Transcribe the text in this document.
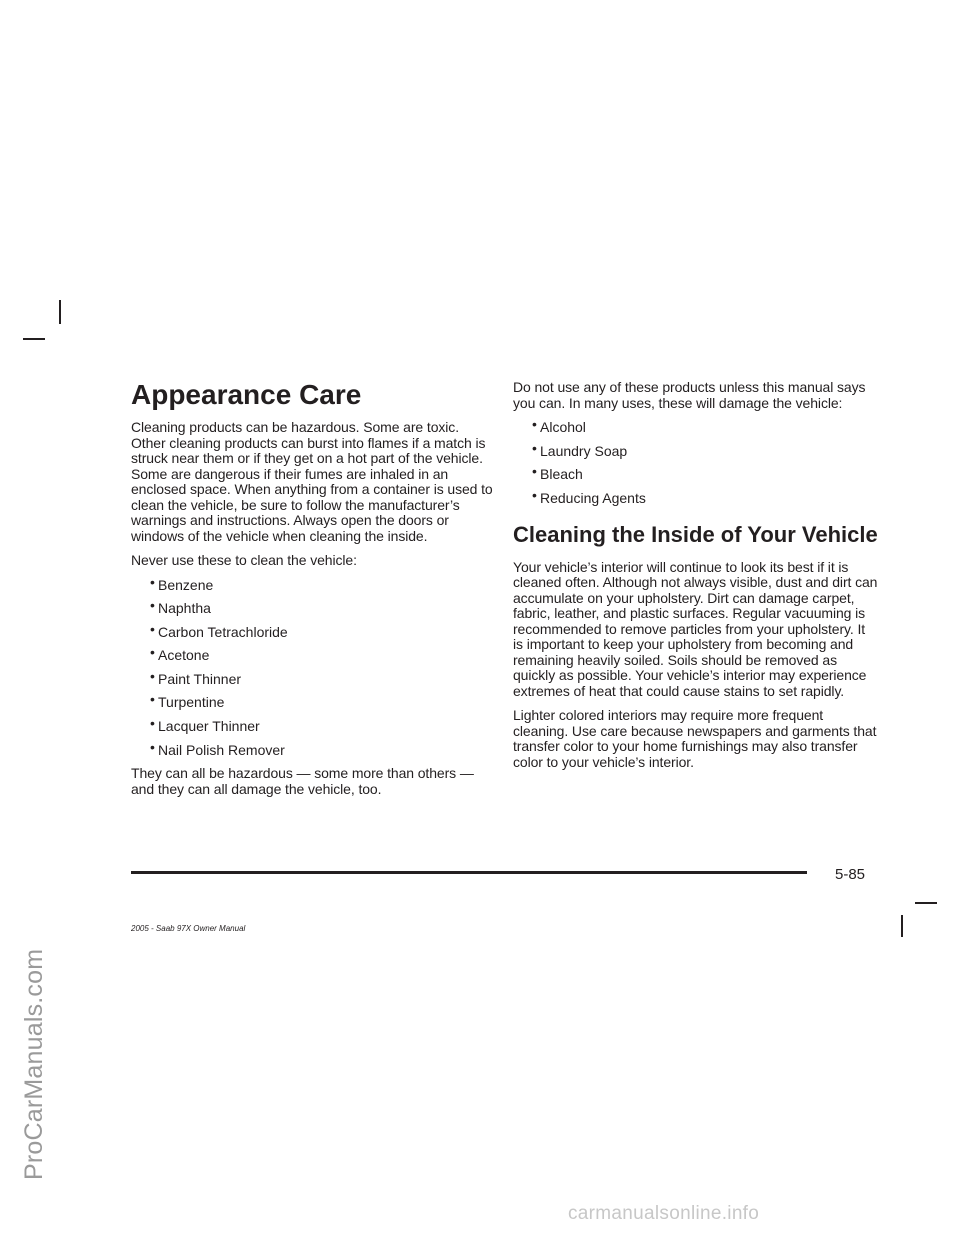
ProCarManuals.com
Appearance Care

Cleaning products can be hazardous. Some are toxic. Other cleaning products can burst into flames if a match is struck near them or if they get on a hot part of the vehicle. Some are dangerous if their fumes are inhaled in an enclosed space. When anything from a container is used to clean the vehicle, be sure to follow the manufacturer’s warnings and instructions. Always open the doors or windows of the vehicle when cleaning the inside.

Never use these to clean the vehicle:

• Benzene
• Naphtha
• Carbon Tetrachloride
• Acetone
• Paint Thinner
• Turpentine
• Lacquer Thinner
• Nail Polish Remover

They can all be hazardous — some more than others — and they can all damage the vehicle, too.

Do not use any of these products unless this manual says you can. In many uses, these will damage the vehicle:

• Alcohol
• Laundry Soap
• Bleach
• Reducing Agents
Cleaning the Inside of Your Vehicle

Your vehicle’s interior will continue to look its best if it is cleaned often. Although not always visible, dust and dirt can accumulate on your upholstery. Dirt can damage carpet, fabric, leather, and plastic surfaces. Regular vacuuming is recommended to remove particles from your upholstery. It is important to keep your upholstery from becoming and remaining heavily soiled. Soils should be removed as quickly as possible. Your vehicle’s interior may experience extremes of heat that could cause stains to set rapidly.

Lighter colored interiors may require more frequent cleaning. Use care because newspapers and garments that transfer color to your home furnishings may also transfer color to your vehicle’s interior.

5-85
2005 - Saab 97X Owner Manual
carmanualsonline.info
